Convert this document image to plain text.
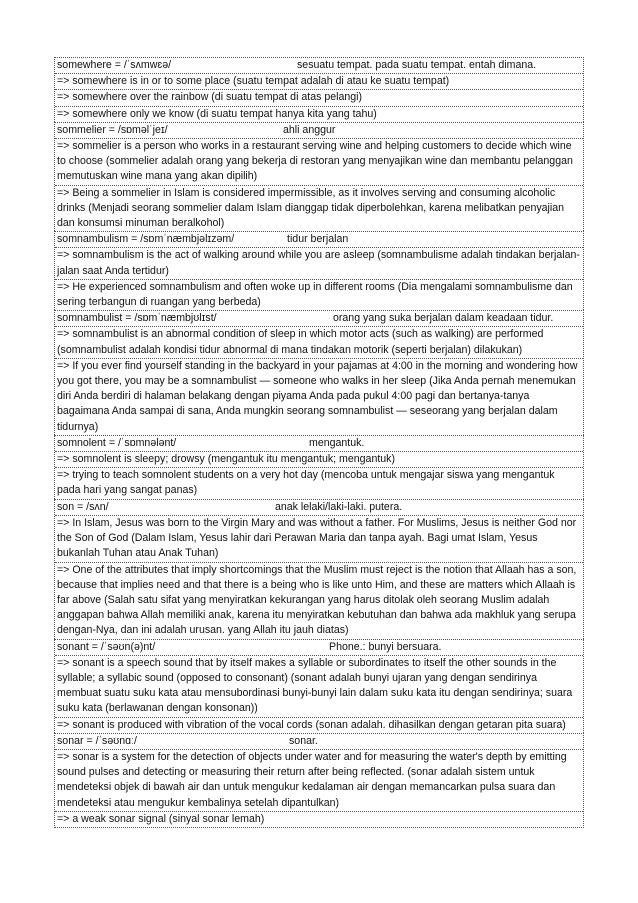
somewhere = /ˈsʌmwɛə/	sesuatu tempat. pada suatu tempat. entah dimana.
=> somewhere is in or to some place (suatu tempat adalah di atau ke suatu tempat)
=> somewhere over the rainbow (di suatu tempat di atas pelangi)
=> somewhere only we know (di suatu tempat hanya kita yang tahu)
sommelier = /sɒməlˈjeɪ/	ahli anggur
=> sommelier is a person who works in a restaurant serving wine and helping customers to decide which wine to choose (sommelier adalah orang yang bekerja di restoran yang menyajikan wine dan membantu pelanggan memutuskan wine mana yang akan dipilih)
=> Being a sommelier in Islam is considered impermissible, as it involves serving and consuming alcoholic drinks (Menjadi seorang sommelier dalam Islam dianggap tidak diperbolehkan, karena melibatkan penyajian dan konsumsi minuman beralkohol)
somnambulism = /sɒmˈnæmbjəlɪzəm/	tidur berjalan
=> somnambulism is the act of walking around while you are asleep (somnambulisme adalah tindakan berjalan-jalan saat Anda tertidur)
=> He experienced somnambulism and often woke up in different rooms (Dia mengalami somnambulisme dan sering terbangun di ruangan yang berbeda)
somnambulist = /sɒmˈnæmbjʊlɪst/	orang yang suka berjalan dalam keadaan tidur.
=> somnambulist is an abnormal condition of sleep in which motor acts (such as walking) are performed (somnambulist adalah kondisi tidur abnormal di mana tindakan motorik (seperti berjalan) dilakukan)
=> If you ever find yourself standing in the backyard in your pajamas at 4:00 in the morning and wondering how you got there, you may be a somnambulist — someone who walks in her sleep (Jika Anda pernah menemukan diri Anda berdiri di halaman belakang dengan piyama Anda pada pukul 4:00 pagi dan bertanya-tanya bagaimana Anda sampai di sana, Anda mungkin seorang somnambulist — seseorang yang berjalan dalam tidurnya)
somnolent = /ˈsɒmnələnt/	mengantuk.
=> somnolent is sleepy; drowsy (mengantuk itu mengantuk; mengantuk)
=> trying to teach somnolent students on a very hot day (mencoba untuk mengajar siswa yang mengantuk pada hari yang sangat panas)
son = /sʌn/	anak lelaki/laki-laki. putera.
=> In Islam, Jesus was born to the Virgin Mary and was without a father. For Muslims, Jesus is neither God nor the Son of God (Dalam Islam, Yesus lahir dari Perawan Maria dan tanpa ayah. Bagi umat Islam, Yesus bukanlah Tuhan atau Anak Tuhan)
=> One of the attributes that imply shortcomings that the Muslim must reject is the notion that Allaah has a son, because that implies need and that there is a being who is like unto Him, and these are matters which Allaah is far above (Salah satu sifat yang menyiratkan kekurangan yang harus ditolak oleh seorang Muslim adalah anggapan bahwa Allah memiliki anak, karena itu menyiratkan kebutuhan dan bahwa ada makhluk yang serupa dengan-Nya, dan ini adalah urusan. yang Allah itu jauh diatas)
sonant = /ˈsəʊn(ə)nt/	Phone.: bunyi bersuara.
=> sonant is a speech sound that by itself makes a syllable or subordinates to itself the other sounds in the syllable; a syllabic sound (opposed to consonant) (sonant adalah bunyi ujaran yang dengan sendirinya membuat suatu suku kata atau mensubordinasi bunyi-bunyi lain dalam suku kata itu dengan sendirinya; suara suku kata (berlawanan dengan konsonan))
=> sonant is produced with vibration of the vocal cords (sonan adalah. dihasilkan dengan getaran pita suara)
sonar = /ˈsəʊnɑː/	sonar.
=> sonar is a system for the detection of objects under water and for measuring the water's depth by emitting sound pulses and detecting or measuring their return after being reflected. (sonar adalah sistem untuk mendeteksi objek di bawah air dan untuk mengukur kedalaman air dengan memancarkan pulsa suara dan mendeteksi atau mengukur kembalinya setelah dipantulkan)
=> a weak sonar signal (sinyal sonar lemah)
